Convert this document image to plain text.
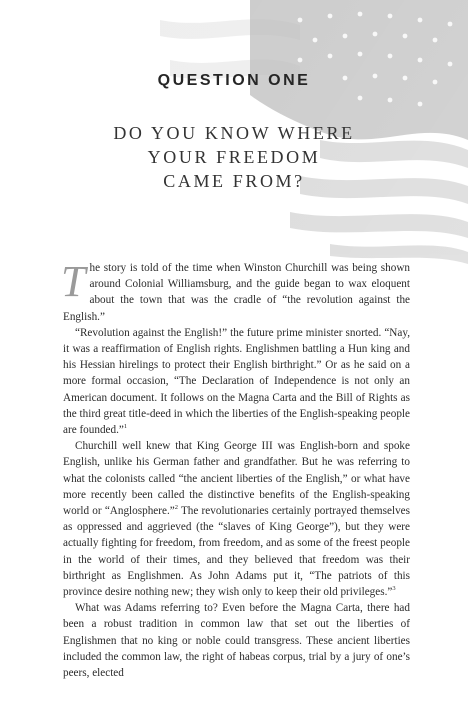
QUESTION ONE
DO YOU KNOW WHERE
YOUR FREEDOM
CAME FROM?

The story is told of the time when Winston Churchill was being shown around Colonial Williamsburg, and the guide began to wax eloquent about the town that was the cradle of “the revolution against the English.”

“Revolution against the English!” the future prime minister snorted. “Nay, it was a reaffirmation of English rights. Englishmen battling a Hun king and his Hessian hirelings to protect their English birthright.” Or as he said on a more formal occasion, “The Declaration of Independence is not only an American document. It follows on the Magna Carta and the Bill of Rights as the third great title-deed in which the liberties of the English-speaking people are founded.”$^1$

Churchill well knew that King George III was English-born and spoke English, unlike his German father and grandfather. But he was referring to what the colonists called “the ancient liberties of the English,” or what have more recently been called the distinctive benefits of the English-speaking world or “Anglosphere.”$^2$ The revolutionaries certainly portrayed themselves as oppressed and aggrieved (the “slaves of King George”), but they were actually fighting for freedom, from freedom, and as some of the freest people in the world of their times, and they believed that freedom was their birthright as Englishmen. As John Adams put it, “The patriots of this province desire nothing new; they wish only to keep their old privileges.”$^3$

What was Adams referring to? Even before the Magna Carta, there had been a robust tradition in common law that set out the liberties of Englishmen that no king or noble could transgress. These ancient liberties included the common law, the right of habeas corpus, trial by a jury of one’s peers, elected
